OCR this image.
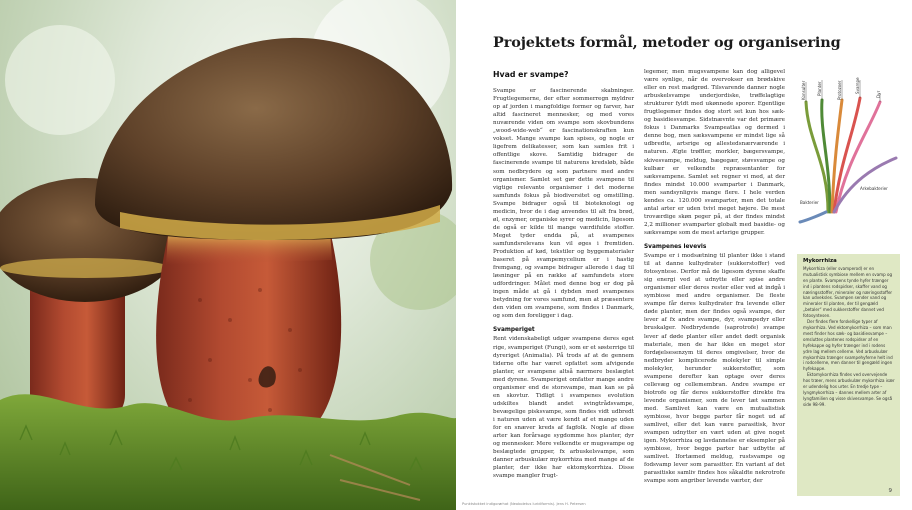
Punktstokket indigorørhat (Neoboletus luridiformis). Jens H. Petersen
Projektets formål, metoder og organisering
Hvad er svampe?

Svampe er fascinerende skabninger. Frugtlegemerne, der efter sommerregn myldrer op af jorden i mangfoldige former og farver, har altid fascineret mennesker, og med vores nuværende viden om svampe som skovbundens „wood-wide-web“ er fascinationskraften kun vokset. Mange svampe kan spises, og nogle er ligefrem delikatesser, som kan samles frit i offentlige skove. Samtidig bidrager de fascinerende svampe til naturens kredsløb, både som nedbrydere og som partnere med andre organismer. Samlet set gør dette svampene til vigtige relevante organismer i det moderne samfunds fokus på biodiversitet og omstilling. Svampe bidrager også til bioteknologi og medicin, hvor de i dag anvendes til alt fra brød, øl, enzymer, organiske syrer og medicin, ligesom de også er kilde til mange værdifulde stoffer. Meget tyder endda på, at svampenes samfundsrelevans kun vil øges i fremtiden. Produktion af kød, tekstiler og byggematerialer baseret på svampemycelium er i hastig fremgang, og svampe bidrager allerede i dag til løsninger på en række af samfundets store udfordringer. Målet med denne bog er dog på ingen måde at gå i dybden med svampenes betydning for vores samfund, men at præsentere den viden om svampene, som findes i Danmark, og som den foreligger i dag.

Svamperiget

Rent videnskabeligt udgør svampene deres eget rige, svamperiget (Fungi), som er et søsterrige til dyreriget (Animalia). På trods af at de gennem tiderne ofte har været opfattet som afvigende planter, er svampene altså nærmere beslægtet med dyrene. Svamperiget omfatter mange andre organismer end de storsvampe, man kan se på en skovtur. Tidligt i svampenes evolution udskiltes blandt andet svingtrådsvampe, bevægelige pisksvampe, som findes vidt udbredt i naturen uden at være kendt af et mange uden for en snæver kreds af fagfolk. Nogle af disse arter kan forårsage sygdomme hos planter, dyr og mennesker. Mere velkendte er mugsvampe og beslægtede grupper, fx arbuskelsvampe, som danner arbuskulær mykorrhiza med mange af de planter, der ikke har ektomykorrhiza. Disse svampe mangler frugt-

legemer, men mugsvampene kan dog alligevel være synlige, når de overvokser en brødskive eller en rest madgrød. Tilsvarende danner nogle arbuskelsvampe underjordiske, trøffelagtige strukturer fyldt med ukønnede sporer. Egentlige frugtlegemer findes dog stort set kun hos sæk- og basidiesvampe. Sidstnævnte var det primære fokus i Danmarks Svampeatlas og dermed i denne bog, men sæksvampene er mindst lige så udbredte, artsrige og allestedsnærværende i naturen. Ægte trøffler, morkler, bægersvampe, skivesvampe, meldug, bægegær, støvsvampe og kulbær er velkendte repræsentanter for sæksvampene. Samlet set regner vi med, at der findes mindst 10.000 svamparter i Danmark, men sandsynligvis mange flere. I hele verden kendes ca. 120.000 svamparter, men det totale antal arter er uden tvivl meget højere. De mest troværdige skøn peger på, at der findes mindst 2,2 millioner svamparter globalt med basidie- og sæksvampe som de mest artsrige grupper.

Svampenes levevis

Svampe er i modsætning til planter ikke i stand til at danne kulhydrater (sukkerstoffer) ved fotosyntese. Derfor må de ligesom dyrene skaffe sig energi ved at udnytte eller spise andre organismer eller deres rester eller ved at indgå i symbiose med andre organismer. De fleste svampe får deres kulhydrater fra levende eller døde planter, men der findes også svampe, der lever af fx andre svampe, dyr, svampedyr eller bruskalger. Nedbrydende (saprotrofe) svampe lever af døde planter eller andet dødt organisk materiale, men de har ikke en meget stor fordøjelsesenzym til deres omgivelser, hvor de nedbryder komplicerede molekyler til simple molekyler, herunder sukkerstoffer, som svampene derefter kan optage over deres cellevæg og cellemembran. Andre svampe er biotrofe og får deres sukkerstoffer direkte fra levende organismer, som de lever tæt sammen med. Samlivet kan være en mutualistisk symbiose, hvor begge parter får noget ud af samlivet, eller det kan være parasitisk, hvor svampen udnytter en vært uden at give noget igen. Mykorrhiza og lavdannelse er eksempler på symbiose, hvor begge parter har udbytte af samlivet. Ifortæmed meldug, rustsvampe og fodsvamp lever som parasitter. En variant af det parasitiske samliv findes hos såkaldte nekrotrofe svampe som angriber levende værter, der

Konsulter	Planter	Protozoer	Svampe
Dyr
Arkebakterier
Bakterier
Mykorrhiza

Mykorrhiza (eller svamperod) er en mutualistisk symbiose mellem en svamp og en plante. Svampens tynde hyfer trænger ind i plantens rodspidser, skaffer vand og næringsstoffer, mineraler og næringsstoffer kan udveksles. Svampen sender vand og mineraler til planten, der til gengæld „betaler“ med sukkerstoffer dannet ved fotosyntesen.

Der findes flere forskellige typer af mykorrhiza. Ved ektomykorrhiza – som man mest finder hos sæk- og basidiesvampe – omsluttes plantenes rodspidser af en hyfekappe og hyfer trænger ind i rodens ydre lag mellem cellerne. Ved arbuskulær mykorrhiza trænger svampehyferne helt ind i rodcellerne, men danner til gengæld ingen hyfekappe.

Ektomykorrhiza findes ved overvejende hos træer, mens arbuskulær mykorrhiza især er udendelig hos urter. En tredje type – lyngmykorrhiza – dannes mellem arter af lyngfamilien og visse skivesvampe. Se også side 98-99.

9
